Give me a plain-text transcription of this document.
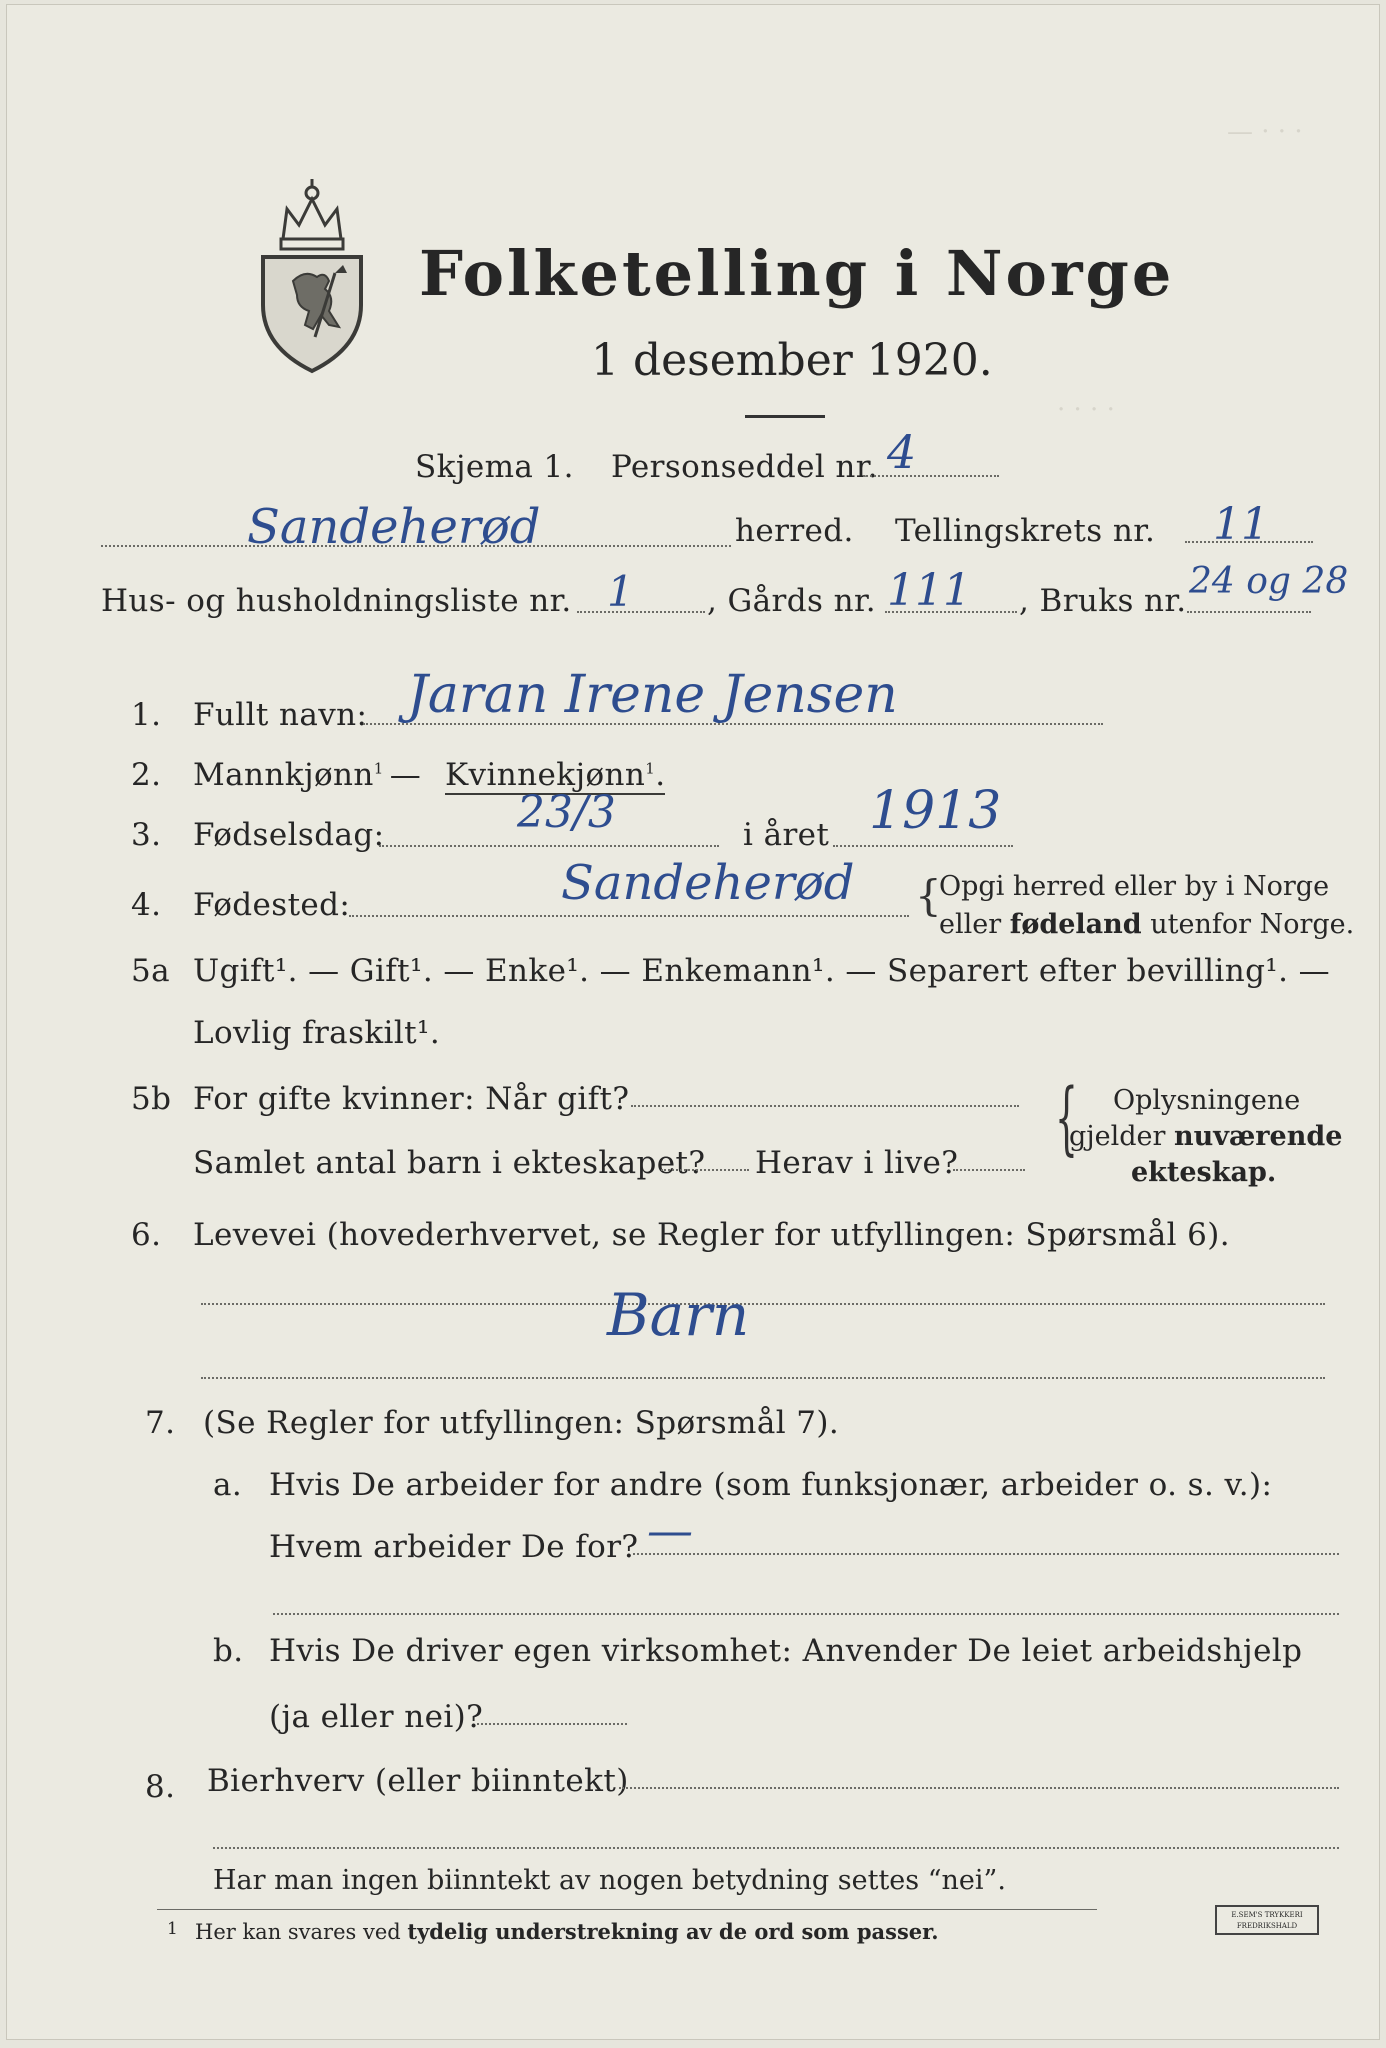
— · · ·
· · · ·
Folketelling i Norge
1 desember 1920.
Skjema 1. Personseddel nr. 4
Sandeherød	herred. Tellingskrets nr. 11
Hus- og husholdningsliste nr. 1 , Gårds nr. 111 , Bruks nr. 24 og 28
1. Fullt navn: Jaran Irene Jensen
2. Mannkjønn$^1$ — Kvinnekjønn$^1$.
3. Fødselsdag:	23/3	i året 1913
4. Fødested:	Sandeherød {
Opgi herred eller by i Norge
eller fødeland utenfor Norge.
5a Ugift¹. — Gift¹. — Enke¹. — Enkemann¹. — Separert efter bevilling¹. —
Lovlig fraskilt¹.
5b For gifte kvinner: Når gift?
Samlet antal barn i ekteskapet? Herav i live? { Oplysningene
gjelder nuværende
ekteskap.
6. Levevei (hovederhvervet, se Regler for utfyllingen: Spørsmål 6).
Barn
7. (Se Regler for utfyllingen: Spørsmål 7).
a. Hvis De arbeider for andre (som funksjonær, arbeider o. s. v.):
Hvem arbeider De for? —
b. Hvis De driver egen virksomhet: Anvender De leiet arbeidshjelp
(ja eller nei)?
8. Bierhverv (eller biinntekt)
Har man ingen biinntekt av nogen betydning settes “nei”.
1 Her kan svares ved tydelig understrekning av de ord som passer.
E.SEM'S TRYKKERI FREDRIKSHALD
